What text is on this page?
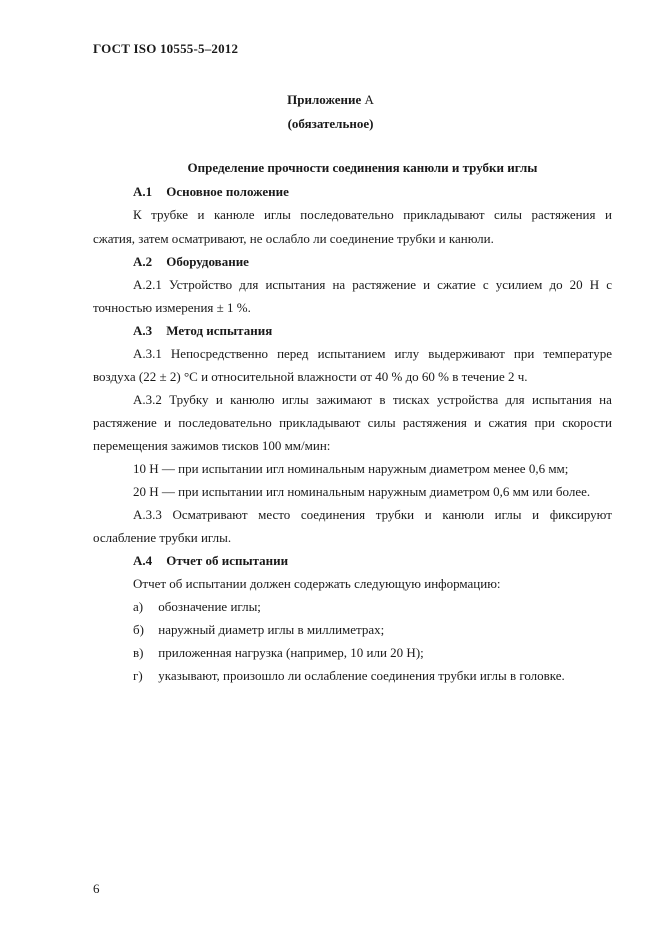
ГОСТ ISO 10555-5–2012
Приложение А
(обязательное)
Определение прочности соединения канюли и трубки иглы
А.1 Основное положение
К трубке и канюле иглы последовательно прикладывают силы растяжения и
сжатия, затем осматривают, не ослабло ли соединение трубки и канюли.
А.2 Оборудование
А.2.1 Устройство для испытания на растяжение и сжатие с усилием до 20 Н с
точностью измерения ± 1 %.
А.3 Метод испытания
А.3.1 Непосредственно перед испытанием иглу выдерживают при температуре
воздуха (22 ± 2) °С и относительной влажности от 40 % до 60 % в течение 2 ч.
А.3.2 Трубку и канюлю иглы зажимают в тисках устройства для испытания на
растяжение и последовательно прикладывают силы растяжения и сжатия при скорости
перемещения зажимов тисков 100 мм/мин:
10 Н — при испытании игл номинальным наружным диаметром менее 0,6 мм;
20 Н — при испытании игл номинальным наружным диаметром 0,6 мм или более.
А.3.3 Осматривают место соединения трубки и канюли иглы и фиксируют
ослабление трубки иглы.
А.4 Отчет об испытании
Отчет об испытании должен содержать следующую информацию:
а) обозначение иглы;
б) наружный диаметр иглы в миллиметрах;
в) приложенная нагрузка (например, 10 или 20 Н);
г) указывают, произошло ли ослабление соединения трубки иглы в головке.
6
